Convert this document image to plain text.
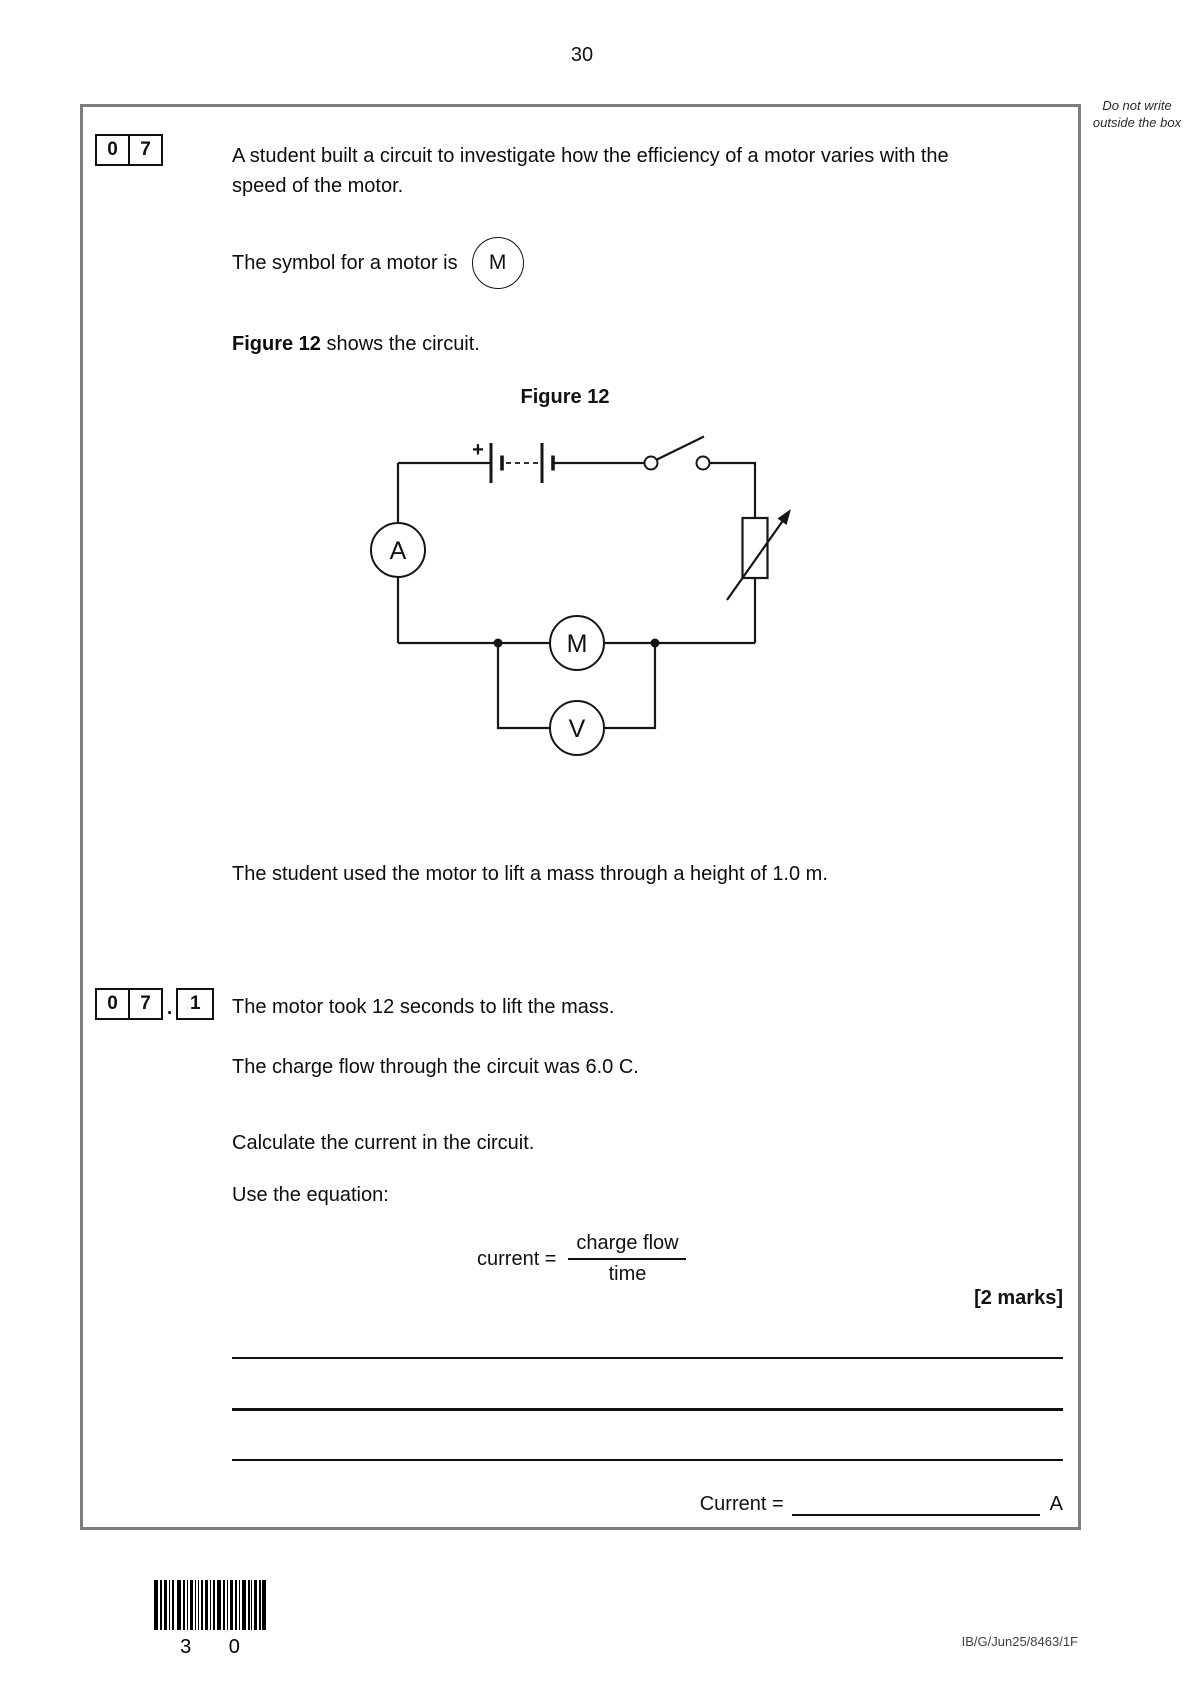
30
Do not write outside the box
0	7	A student built a circuit to investigate how the efficiency of a motor varies with the
speed of the motor.
The symbol for a motor is M
Figure 12 shows the circuit.
Figure 12
+
A
M
V
The student used the motor to lift a mass through a height of 1.0 m.
0	7 . 1	The motor took 12 seconds to lift the mass.
The charge flow through the circuit was 6.0 C.
Calculate the current in the circuit.
Use the equation:
current = $\frac{\text{charge flow}}{\text{time}}$
[2 marks]
Current =	A
3 0	IB/G/Jun25/8463/1F
